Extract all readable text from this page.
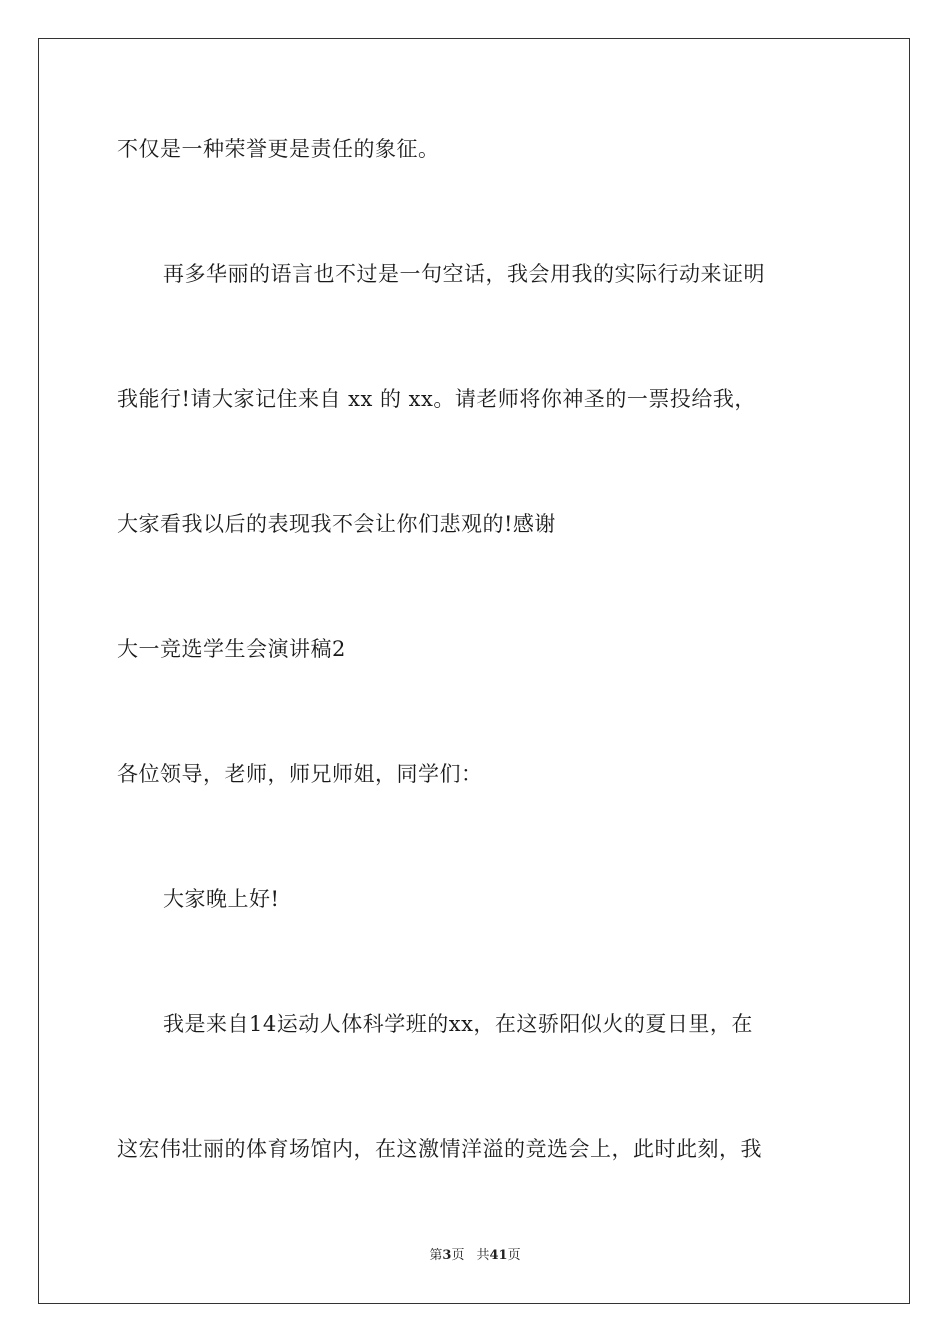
不仅是一种荣誉更是责任的象征。
再多华丽的语言也不过是一句空话，我会用我的实际行动来证明
我能行!请大家记住来自 xx 的 xx。请老师将你神圣的一票投给我，
大家看我以后的表现我不会让你们悲观的!感谢
大一竞选学生会演讲稿2
各位领导，老师，师兄师姐，同学们：
大家晚上好!
我是来自14运动人体科学班的xx，在这骄阳似火的夏日里，在
这宏伟壮丽的体育场馆内，在这激情洋溢的竞选会上，此时此刻，我
第3页 共41页
